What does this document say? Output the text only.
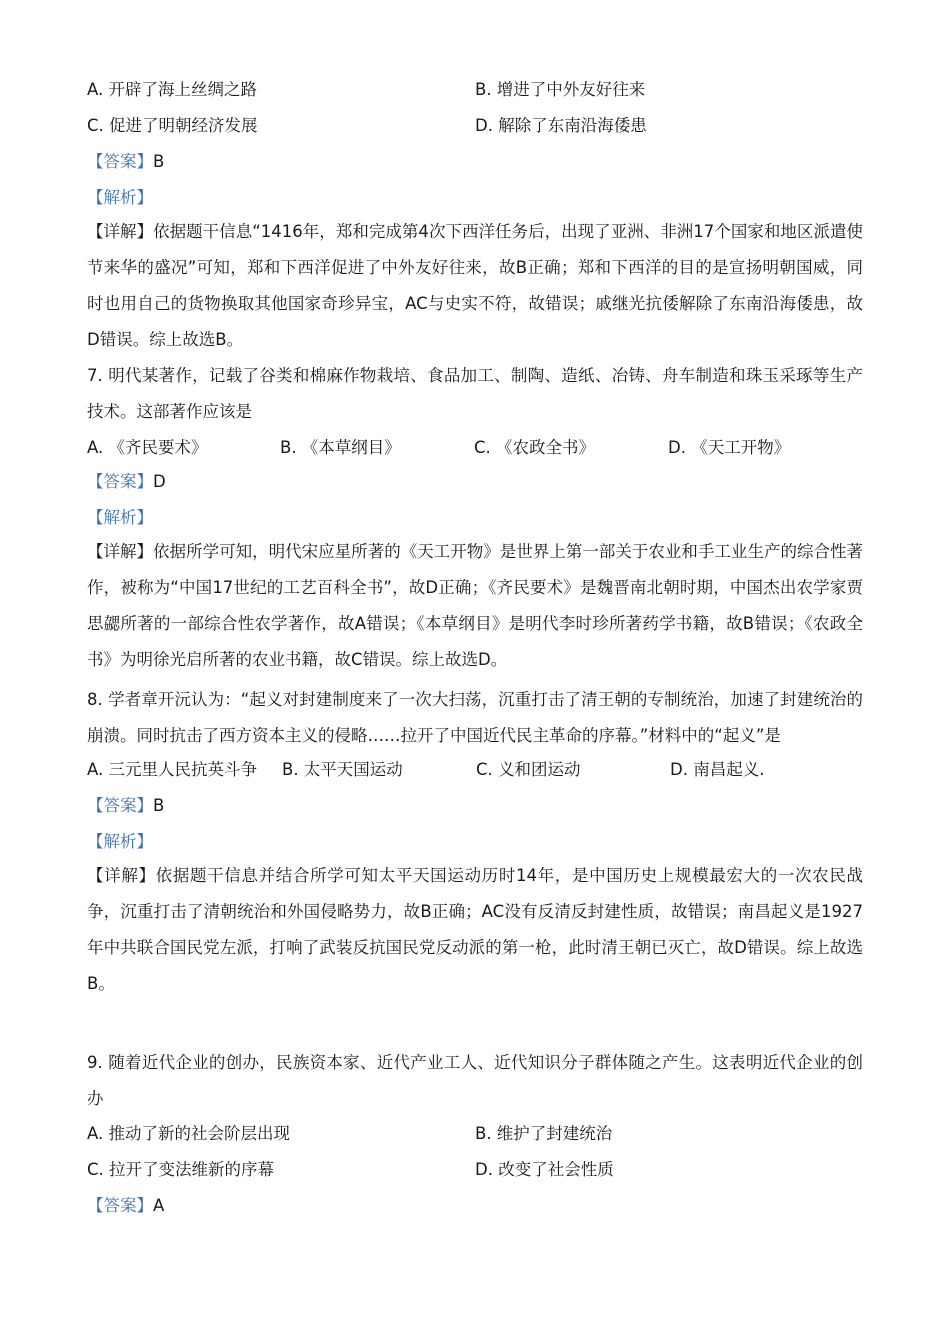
A. 开辟了海上丝绸之路	B. 增进了中外友好往来
C. 促进了明朝经济发展	D. 解除了东南沿海倭患
【答案】B
【解析】
【详解】依据题干信息“1416年，郑和完成第4次下西洋任务后，出现了亚洲、非洲17个国家和地区派遣使节来华的盛况”可知，郑和下西洋促进了中外友好往来，故B正确；郑和下西洋的目的是宣扬明朝国威，同时也用自己的货物换取其他国家奇珍异宝，AC与史实不符，故错误；戚继光抗倭解除了东南沿海倭患，故D错误。综上故选B。
7. 明代某著作，记载了谷类和棉麻作物栽培、食品加工、制陶、造纸、冶铸、舟车制造和珠玉采琢等生产技术。这部著作应该是
A. 《齐民要术》	B. 《本草纲目》	C. 《农政全书》	D. 《天工开物》
【答案】D
【解析】
【详解】依据所学可知，明代宋应星所著的《天工开物》是世界上第一部关于农业和手工业生产的综合性著作，被称为“中国17世纪的工艺百科全书”，故D正确；《齐民要术》是魏晋南北朝时期，中国杰出农学家贾思勰所著的一部综合性农学著作，故A错误；《本草纲目》是明代李时珍所著药学书籍，故B错误；《农政全书》为明徐光启所著的农业书籍，故C错误。综上故选D。
8. 学者章开沅认为：“起义对封建制度来了一次大扫荡，沉重打击了清王朝的专制统治，加速了封建统治的崩溃。同时抗击了西方资本主义的侵略……拉开了中国近代民主革命的序幕。”材料中的“起义”是
A. 三元里人民抗英斗争 B. 太平天国运动	C. 义和团运动	D. 南昌起义.
【答案】B
【解析】
【详解】依据题干信息并结合所学可知太平天国运动历时14年，是中国历史上规模最宏大的一次农民战争，沉重打击了清朝统治和外国侵略势力，故B正确；AC没有反清反封建性质，故错误；南昌起义是1927年中共联合国民党左派，打响了武装反抗国民党反动派的第一枪，此时清王朝已灭亡，故D错误。综上故选B。
9. 随着近代企业的创办，民族资本家、近代产业工人、近代知识分子群体随之产生。这表明近代企业的创办
A. 推动了新的社会阶层出现	B. 维护了封建统治
C. 拉开了变法维新的序幕	D. 改变了社会性质
【答案】A
